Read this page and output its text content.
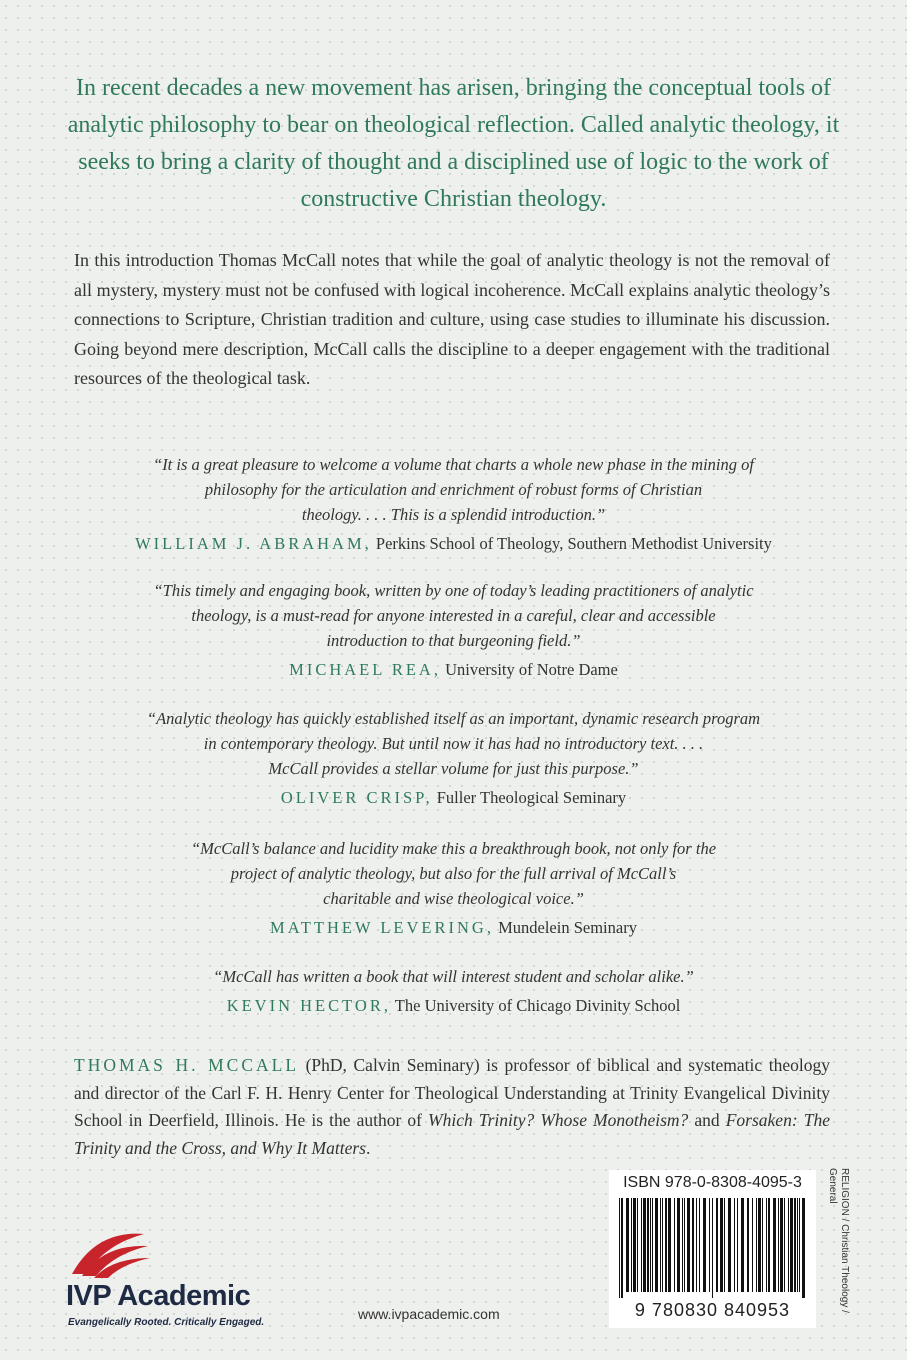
In recent decades a new movement has arisen, bringing the conceptual tools of analytic philosophy to bear on theological reflection. Called analytic theology, it seeks to bring a clarity of thought and a disciplined use of logic to the work of constructive Christian theology.
In this introduction Thomas McCall notes that while the goal of analytic theology is not the removal of all mystery, mystery must not be confused with logical incoherence. McCall explains analytic theology’s connections to Scripture, Christian tradition and culture, using case studies to illuminate his discussion. Going beyond mere description, McCall calls the discipline to a deeper engagement with the traditional resources of the theological task.
“It is a great pleasure to welcome a volume that charts a whole new phase in the mining of
philosophy for the articulation and enrichment of robust forms of Christian
theology. . . . This is a splendid introduction.”
WILLIAM J. ABRAHAM, Perkins School of Theology, Southern Methodist University
“This timely and engaging book, written by one of today’s leading practitioners of analytic
theology, is a must-read for anyone interested in a careful, clear and accessible
introduction to that burgeoning field.”
MICHAEL REA, University of Notre Dame
“Analytic theology has quickly established itself as an important, dynamic research program
in contemporary theology. But until now it has had no introductory text. . . .
McCall provides a stellar volume for just this purpose.”
OLIVER CRISP, Fuller Theological Seminary
“McCall’s balance and lucidity make this a breakthrough book, not only for the
project of analytic theology, but also for the full arrival of McCall’s
charitable and wise theological voice.”
MATTHEW LEVERING, Mundelein Seminary
“McCall has written a book that will interest student and scholar alike.”
KEVIN HECTOR, The University of Chicago Divinity School
THOMAS H. MCCALL (PhD, Calvin Seminary) is professor of biblical and systematic theology and director of the Carl F. H. Henry Center for Theological Understanding at Trinity Evangelical Divinity School in Deerfield, Illinois. He is the author of Which Trinity? Whose Monotheism? and Forsaken: The Trinity and the Cross, and Why It Matters.
ISBN 978-0-8308-4095-3
9 780830 840953	RELIGION / Christian Theology / General
IVP Academic
Evangelically Rooted. Critically Engaged.
www.ivpacademic.com
